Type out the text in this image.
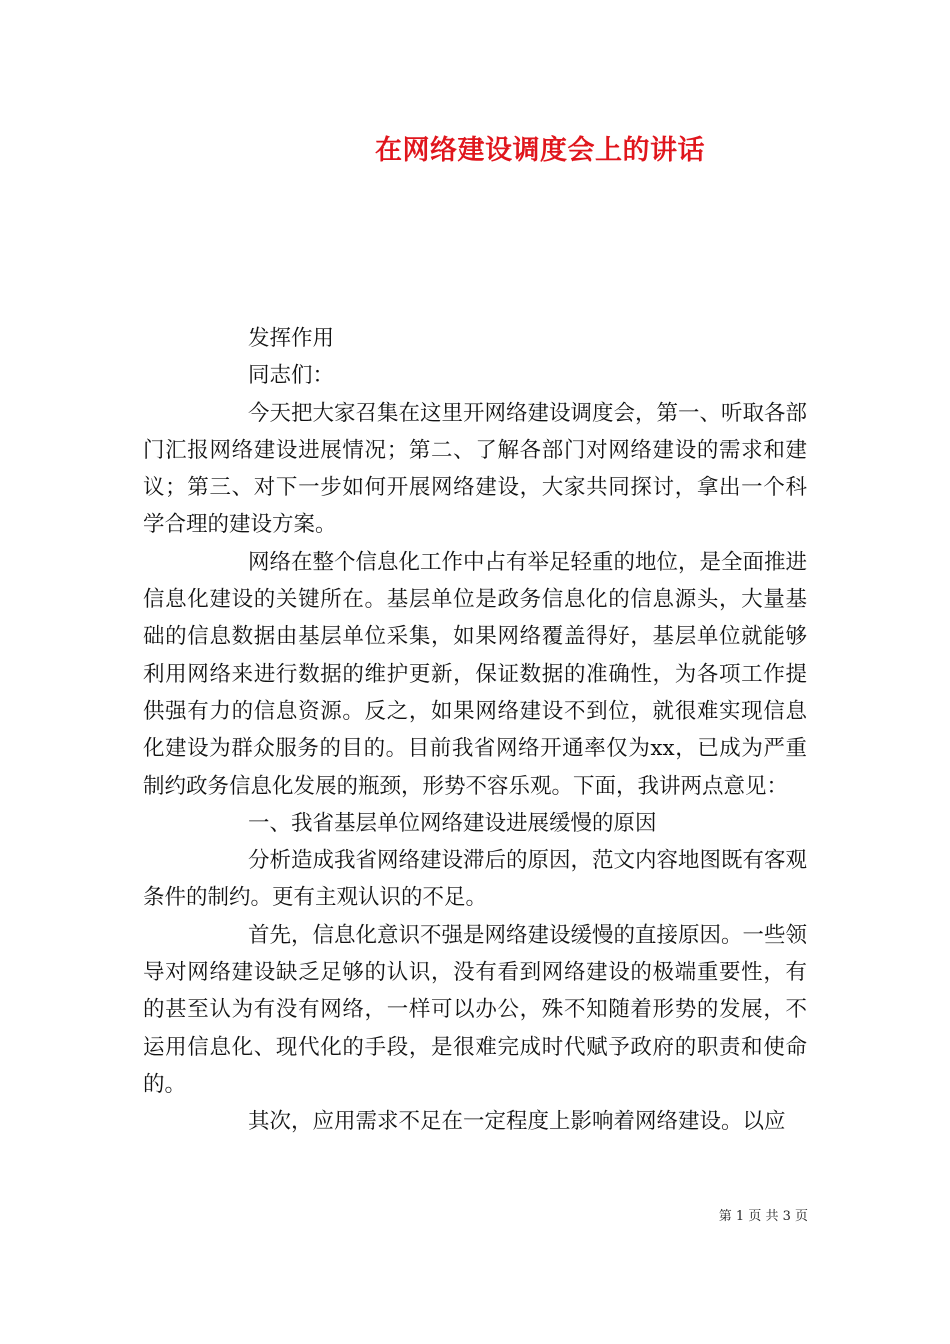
在网络建设调度会上的讲话

发挥作用

同志们：

今天把大家召集在这里开网络建设调度会，第一、听取各部门汇报网络建设进展情况；第二、了解各部门对网络建设的需求和建议；第三、对下一步如何开展网络建设，大家共同探讨，拿出一个科学合理的建设方案。

网络在整个信息化工作中占有举足轻重的地位，是全面推进信息化建设的关键所在。基层单位是政务信息化的信息源头，大量基础的信息数据由基层单位采集，如果网络覆盖得好，基层单位就能够利用网络来进行数据的维护更新，保证数据的准确性，为各项工作提供强有力的信息资源。反之，如果网络建设不到位，就很难实现信息化建设为群众服务的目的。目前我省网络开通率仅为xx，已成为严重制约政务信息化发展的瓶颈，形势不容乐观。下面，我讲两点意见：

一、我省基层单位网络建设进展缓慢的原因

分析造成我省网络建设滞后的原因，范文内容地图既有客观条件的制约。更有主观认识的不足。

首先，信息化意识不强是网络建设缓慢的直接原因。一些领导对网络建设缺乏足够的认识，没有看到网络建设的极端重要性，有的甚至认为有没有网络，一样可以办公，殊不知随着形势的发展，不运用信息化、现代化的手段，是很难完成时代赋予政府的职责和使命的。

其次，应用需求不足在一定程度上影响着网络建设。以应

第 1 页 共 3 页
